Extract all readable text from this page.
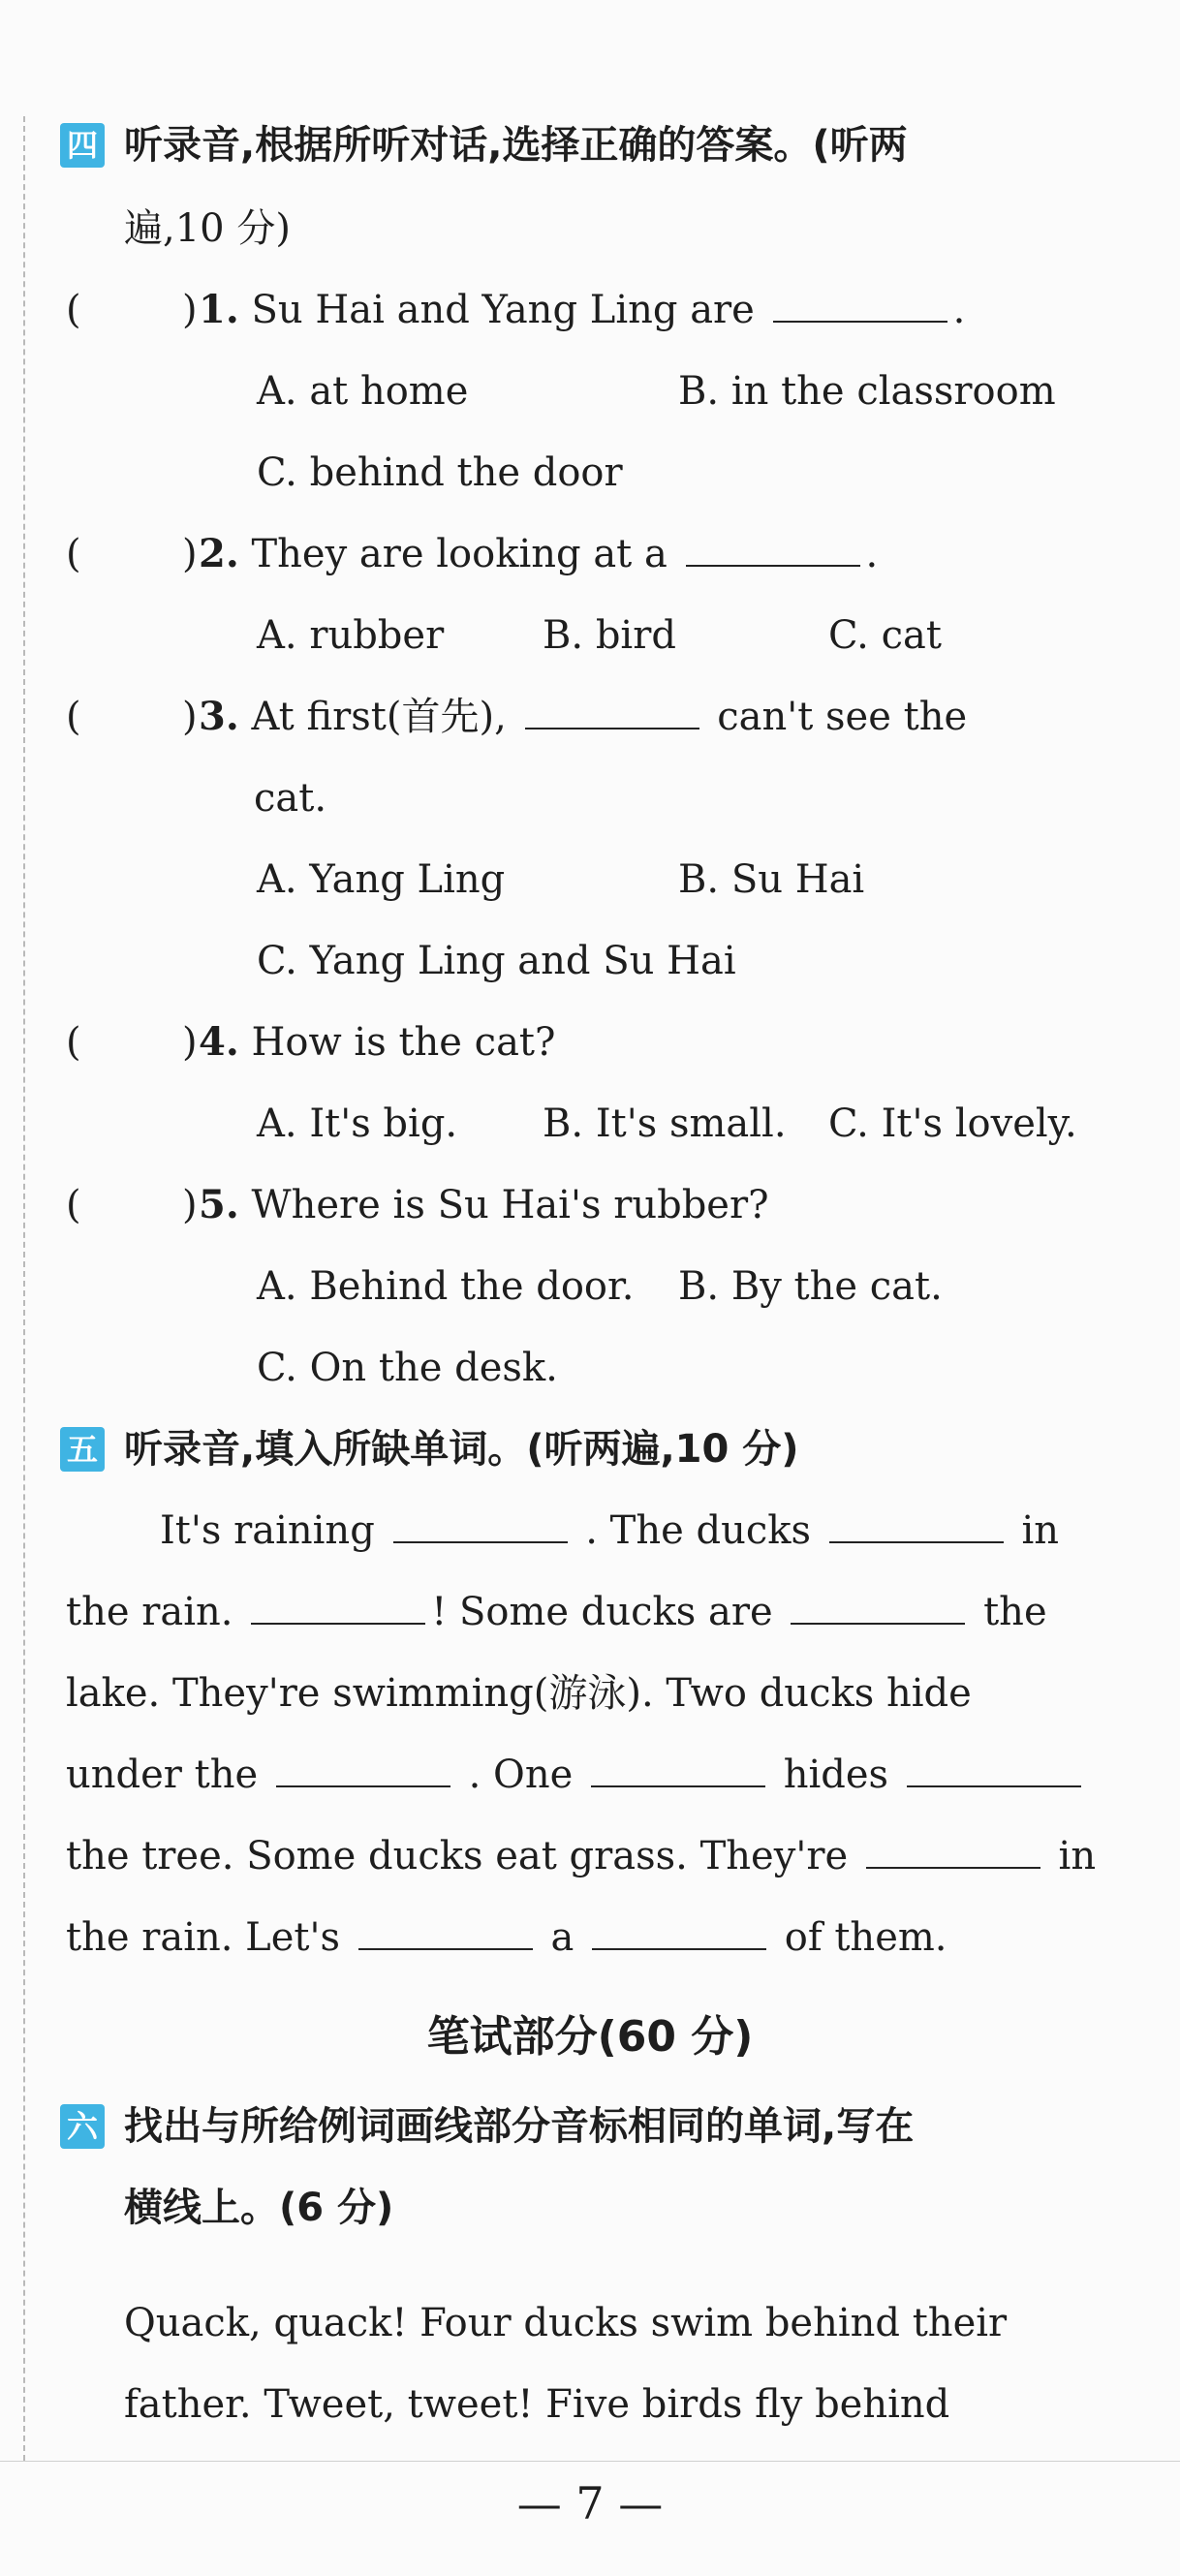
四 听录音,根据所听对话,选择正确的答案。(听两
遍,10 分)
(	) 1. Su Hai and Yang Ling are	.
A. at home	B. in the classroom
C. behind the door
(	) 2. They are looking at a	.
A. rubber	B. bird	C. cat
(	) 3. At first(首先),	can't see the
cat.
A. Yang Ling	B. Su Hai
C. Yang Ling and Su Hai
(	) 4. How is the cat?
A. It's big. B. It's small. C. It's lovely.
(	) 5. Where is Su Hai's rubber?
A. Behind the door. B. By the cat.
C. On the desk.
五 听录音,填入所缺单词。(听两遍,10 分)
It's raining	. The ducks	in
the rain.	! Some ducks are	the
lake. They're swimming(游泳). Two ducks hide
under the	. One	hides
the tree. Some ducks eat grass. They're	in
the rain. Let's	a	of them.
笔试部分(60 分)
六 找出与所给例词画线部分音标相同的单词,写在
横线上。(6 分)
Quack, quack! Four ducks swim behind their
father. Tweet, tweet! Five birds fly behind
— 7 —
